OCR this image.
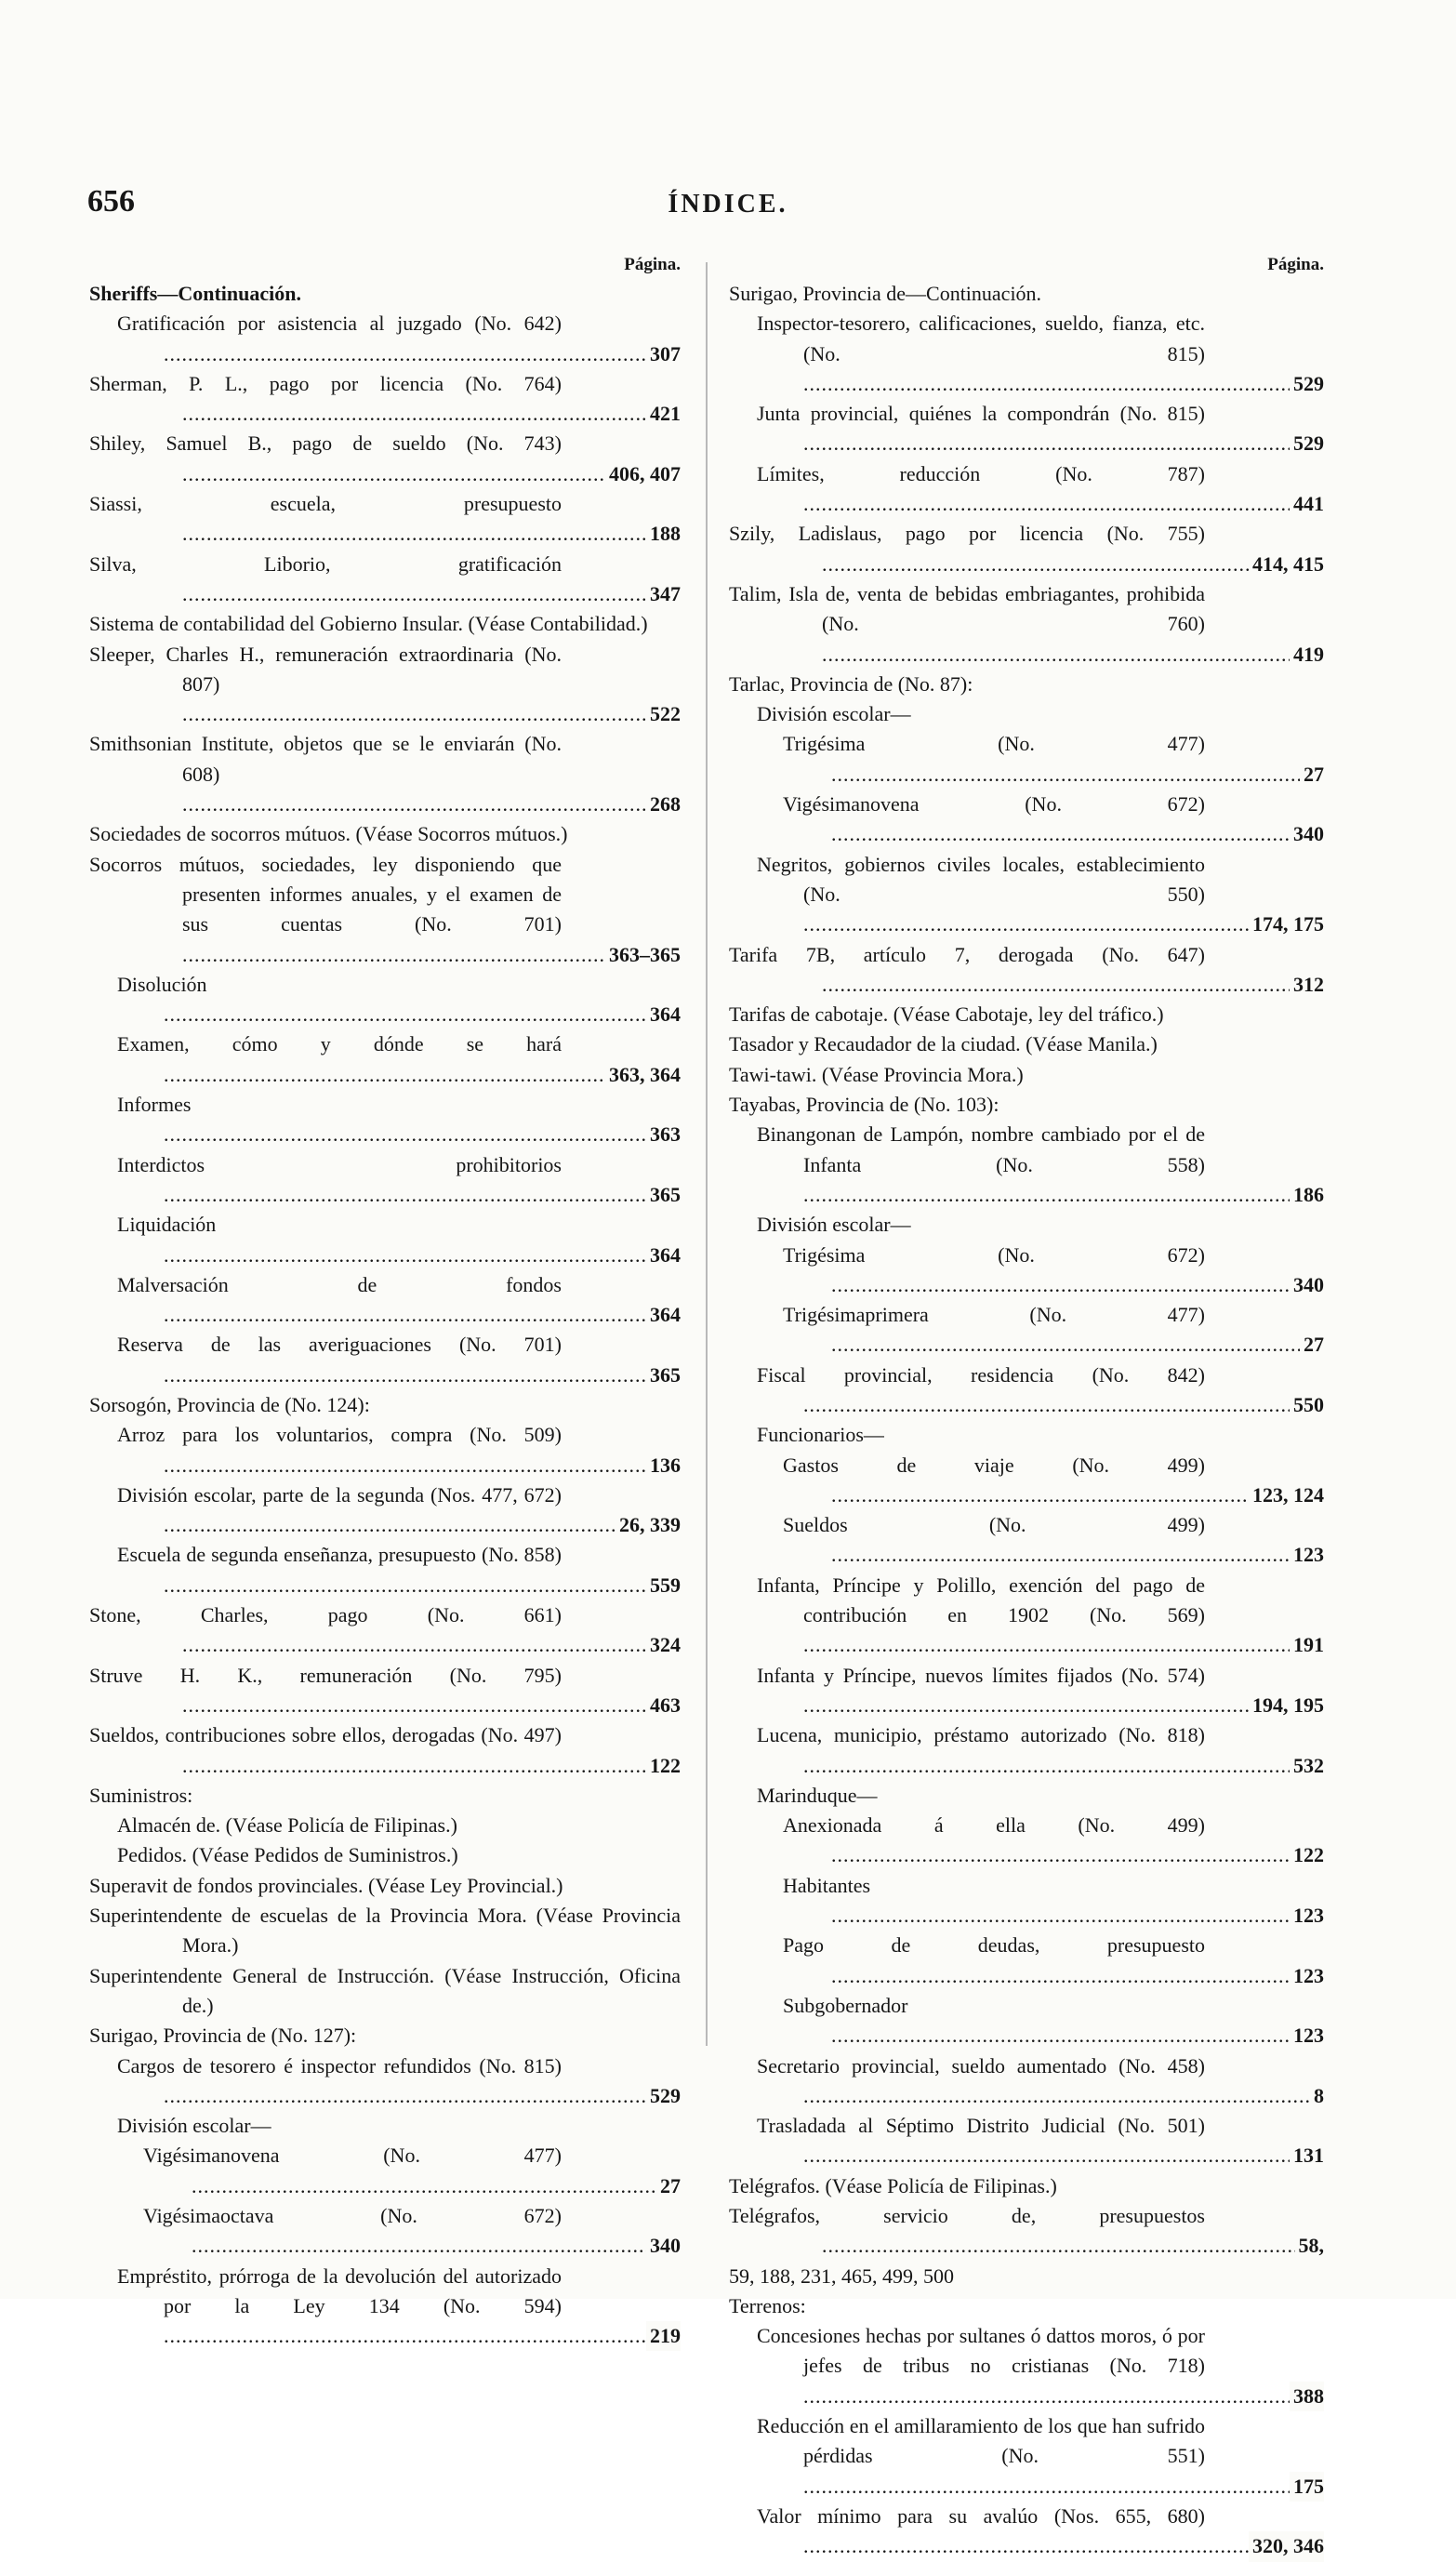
656	ÍNDICE.
Página.
Sheriffs—Continuación.
Gratificación por asistencia al juzgado (No. 642) .....
307
Sherman, P. L., pago por licencia (No. 764) .....
421
Shiley, Samuel B., pago de sueldo (No. 743) .....
406, 407
Siassi, escuela, presupuesto .....
188
Silva, Liborio, gratificación .....
347
Sistema de contabilidad del Gobierno Insular. (Véase Contabilidad.)
Sleeper, Charles H., remuneración extraordinaria (No. 807) .....
522
Smithsonian Institute, objetos que se le enviarán (No. 608) .....
268
Sociedades de socorros mútuos. (Véase Socorros mútuos.)
Socorros mútuos, sociedades, ley disponiendo que presenten informes anuales, y el examen de sus cuentas (No. 701) .....
363–365
Disolución .....
364
Examen, cómo y dónde se hará .....
363, 364
Informes .....
363
Interdictos prohibitorios .....
365
Liquidación .....
364
Malversación de fondos .....
364
Reserva de las averiguaciones (No. 701) .....
365
Sorsogón, Provincia de (No. 124):
Arroz para los voluntarios, compra (No. 509) .....
136
División escolar, parte de la segunda (Nos. 477, 672) .....
26, 339
Escuela de segunda enseñanza, presupuesto (No. 858) .....
559
Stone, Charles, pago (No. 661) .....
324
Struve H. K., remuneración (No. 795) .....
463
Sueldos, contribuciones sobre ellos, derogadas (No. 497) .....
122
Suministros:
Almacén de. (Véase Policía de Filipinas.)
Pedidos. (Véase Pedidos de Suministros.)
Superavit de fondos provinciales. (Véase Ley Provincial.)
Superintendente de escuelas de la Provincia Mora. (Véase Provincia Mora.)
Superintendente General de Instrucción. (Véase Instrucción, Oficina de.)
Surigao, Provincia de (No. 127):
Cargos de tesorero é inspector refundidos (No. 815) .....
529
División escolar—
Vigésimanovena (No. 477) .....
27
Vigésimaoctava (No. 672) .....
340
Empréstito, prórroga de la devolución del autorizado por la Ley 134 (No. 594) .....
219
Página.
Surigao, Provincia de—Continuación.
Inspector-tesorero, calificaciones, sueldo, fianza, etc. (No. 815) .....
529
Junta provincial, quiénes la compondrán (No. 815) .....
529
Límites, reducción (No. 787) .....
441
Szily, Ladislaus, pago por licencia (No. 755) .....
414, 415
Talim, Isla de, venta de bebidas embriagantes, prohibida (No. 760) .....
419
Tarlac, Provincia de (No. 87):
División escolar—
Trigésima (No. 477) .....
27
Vigésimanovena (No. 672) .....
340
Negritos, gobiernos civiles locales, establecimiento (No. 550) .....
174, 175
Tarifa 7B, artículo 7, derogada (No. 647) .....
312
Tarifas de cabotaje. (Véase Cabotaje, ley del tráfico.)
Tasador y Recaudador de la ciudad. (Véase Manila.)
Tawi-tawi. (Véase Provincia Mora.)
Tayabas, Provincia de (No. 103):
Binangonan de Lampón, nombre cambiado por el de Infanta (No. 558) .....
186
División escolar—
Trigésima (No. 672) .....
340
Trigésimaprimera (No. 477) .....
27
Fiscal provincial, residencia (No. 842) .....
550
Funcionarios—
Gastos de viaje (No. 499) .....
123, 124
Sueldos (No. 499) .....
123
Infanta, Príncipe y Polillo, exención del pago de contribución en 1902 (No. 569) .....
191
Infanta y Príncipe, nuevos límites fijados (No. 574) .....
194, 195
Lucena, municipio, préstamo autorizado (No. 818) .....
532
Marinduque—
Anexionada á ella (No. 499) .....
122
Habitantes .....
123
Pago de deudas, presupuesto .....
123
Subgobernador .....
123
Secretario provincial, sueldo aumentado (No. 458) .....
8
Trasladada al Séptimo Distrito Judicial (No. 501) .....
131
Telégrafos. (Véase Policía de Filipinas.)
Telégrafos, servicio de, presupuestos .....
58,
59, 188, 231, 465, 499, 500
Terrenos:
Concesiones hechas por sultanes ó dattos moros, ó por jefes de tribus no cristianas (No. 718) .....
388
Reducción en el amillaramiento de los que han sufrido pérdidas (No. 551) .....
175
Valor mínimo para su avalúo (Nos. 655, 680) .....
320, 346
